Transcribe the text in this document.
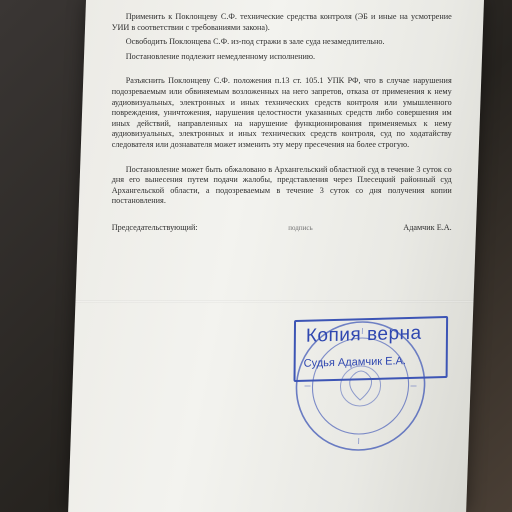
Применить к Поклонцеву С.Ф. технические средства контроля (ЭБ и иные на усмотрение УИИ в соответствии с требованиями закона).

Освободить Поклонцева С.Ф. из-под стражи в зале суда незамедлительно.

Постановление подлежит немедленному исполнению.

Разъяснить Поклонцеву С.Ф. положения п.13 ст. 105.1 УПК РФ, что в случае нарушения подозреваемым или обвиняемым возложенных на него запретов, отказа от применения к нему аудиовизуальных, электронных и иных технических средств контроля или умышленного повреждения, уничтожения, нарушения целостности указанных средств либо совершения им иных действий, направленных на нарушение функционирования применяемых к нему аудиовизуальных, электронных и иных технических средств контроля, суд по ходатайству следователя или дознавателя может изменить эту меру пресечения на более строгую.

Постановление может быть обжаловано в Архангельский областной суд в течение 3 суток со дня его вынесения путем подачи жалобы, представления через Плесецкий районный суд Архангельской области, а подозреваемым в течение 3 суток со дня получения копии постановления.

Председательствующий:	подпись	Адамчик Е.А.
Копия верна
Судья Адамчик Е.А.
